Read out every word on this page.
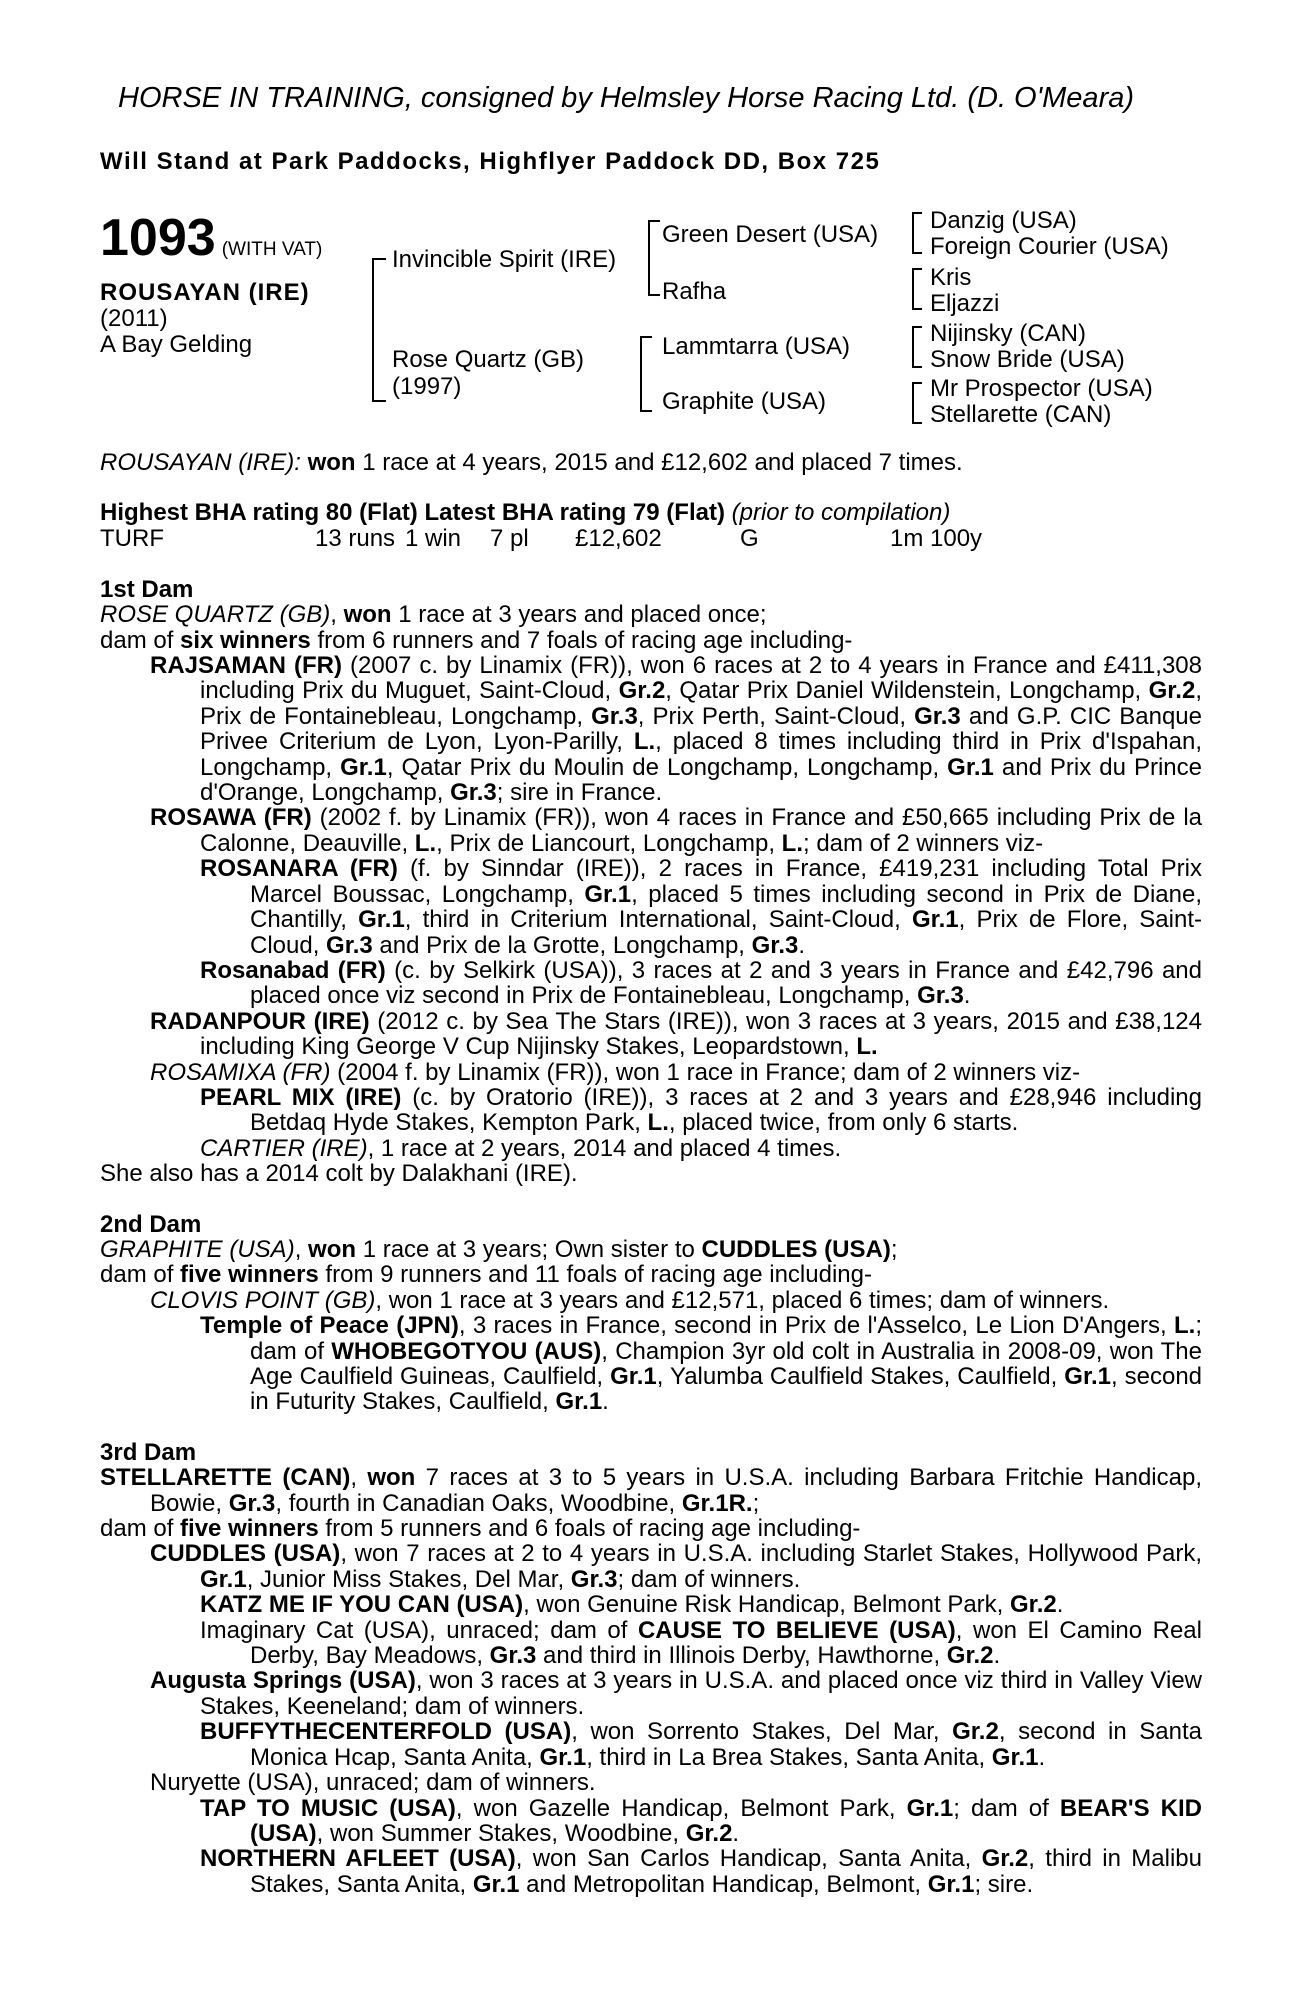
HORSE IN TRAINING, consigned by Helmsley Horse Racing Ltd. (D. O'Meara)
Will Stand at Park Paddocks, Highflyer Paddock DD, Box 725
1093 (WITH VAT)
ROUSAYAN (IRE)
(2011)
A Bay Gelding
Invincible Spirit (IRE)
Rose Quartz (GB)
(1997)
Green Desert (USA)
Rafha
Lammtarra (USA)
Graphite (USA)
Danzig (USA)
Foreign Courier (USA)
Kris
Eljazzi
Nijinsky (CAN)
Snow Bride (USA)
Mr Prospector (USA)
Stellarette (CAN)

ROUSAYAN (IRE): won 1 race at 4 years, 2015 and £12,602 and placed 7 times.

Highest BHA rating 80 (Flat) Latest BHA rating 79 (Flat) (prior to compilation)

TURF	13 runs 1 win 7 pl £12,602	G	1m 100y

1st Dam

ROSE QUARTZ (GB), won 1 race at 3 years and placed once;

dam of six winners from 6 runners and 7 foals of racing age including-

RAJSAMAN (FR) (2007 c. by Linamix (FR)), won 6 races at 2 to 4 years in France and £411,308 including Prix du Muguet, Saint-Cloud, Gr.2, Qatar Prix Daniel Wildenstein, Longchamp, Gr.2, Prix de Fontainebleau, Longchamp, Gr.3, Prix Perth, Saint-Cloud, Gr.3 and G.P. CIC Banque Privee Criterium de Lyon, Lyon-Parilly, L., placed 8 times including third in Prix d'Ispahan, Longchamp, Gr.1, Qatar Prix du Moulin de Longchamp, Longchamp, Gr.1 and Prix du Prince d'Orange, Longchamp, Gr.3; sire in France.

ROSAWA (FR) (2002 f. by Linamix (FR)), won 4 races in France and £50,665 including Prix de la Calonne, Deauville, L., Prix de Liancourt, Longchamp, L.; dam of 2 winners viz-

ROSANARA (FR) (f. by Sinndar (IRE)), 2 races in France, £419,231 including Total Prix Marcel Boussac, Longchamp, Gr.1, placed 5 times including second in Prix de Diane, Chantilly, Gr.1, third in Criterium International, Saint-Cloud, Gr.1, Prix de Flore, Saint-Cloud, Gr.3 and Prix de la Grotte, Longchamp, Gr.3.

Rosanabad (FR) (c. by Selkirk (USA)), 3 races at 2 and 3 years in France and £42,796 and placed once viz second in Prix de Fontainebleau, Longchamp, Gr.3.

RADANPOUR (IRE) (2012 c. by Sea The Stars (IRE)), won 3 races at 3 years, 2015 and £38,124 including King George V Cup Nijinsky Stakes, Leopardstown, L.

ROSAMIXA (FR) (2004 f. by Linamix (FR)), won 1 race in France; dam of 2 winners viz-

PEARL MIX (IRE) (c. by Oratorio (IRE)), 3 races at 2 and 3 years and £28,946 including Betdaq Hyde Stakes, Kempton Park, L., placed twice, from only 6 starts.

CARTIER (IRE), 1 race at 2 years, 2014 and placed 4 times.

She also has a 2014 colt by Dalakhani (IRE).

2nd Dam

GRAPHITE (USA), won 1 race at 3 years; Own sister to CUDDLES (USA);

dam of five winners from 9 runners and 11 foals of racing age including-

CLOVIS POINT (GB), won 1 race at 3 years and £12,571, placed 6 times; dam of winners.

Temple of Peace (JPN), 3 races in France, second in Prix de l'Asselco, Le Lion D'Angers, L.; dam of WHOBEGOTYOU (AUS), Champion 3yr old colt in Australia in 2008-09, won The Age Caulfield Guineas, Caulfield, Gr.1, Yalumba Caulfield Stakes, Caulfield, Gr.1, second in Futurity Stakes, Caulfield, Gr.1.

3rd Dam

STELLARETTE (CAN), won 7 races at 3 to 5 years in U.S.A. including Barbara Fritchie Handicap, Bowie, Gr.3, fourth in Canadian Oaks, Woodbine, Gr.1R.;

dam of five winners from 5 runners and 6 foals of racing age including-

CUDDLES (USA), won 7 races at 2 to 4 years in U.S.A. including Starlet Stakes, Hollywood Park, Gr.1, Junior Miss Stakes, Del Mar, Gr.3; dam of winners.

KATZ ME IF YOU CAN (USA), won Genuine Risk Handicap, Belmont Park, Gr.2.

Imaginary Cat (USA), unraced; dam of CAUSE TO BELIEVE (USA), won El Camino Real Derby, Bay Meadows, Gr.3 and third in Illinois Derby, Hawthorne, Gr.2.

Augusta Springs (USA), won 3 races at 3 years in U.S.A. and placed once viz third in Valley View Stakes, Keeneland; dam of winners.

BUFFYTHECENTERFOLD (USA), won Sorrento Stakes, Del Mar, Gr.2, second in Santa Monica Hcap, Santa Anita, Gr.1, third in La Brea Stakes, Santa Anita, Gr.1.

Nuryette (USA), unraced; dam of winners.

TAP TO MUSIC (USA), won Gazelle Handicap, Belmont Park, Gr.1; dam of BEAR'S KID (USA), won Summer Stakes, Woodbine, Gr.2.

NORTHERN AFLEET (USA), won San Carlos Handicap, Santa Anita, Gr.2, third in Malibu Stakes, Santa Anita, Gr.1 and Metropolitan Handicap, Belmont, Gr.1; sire.
